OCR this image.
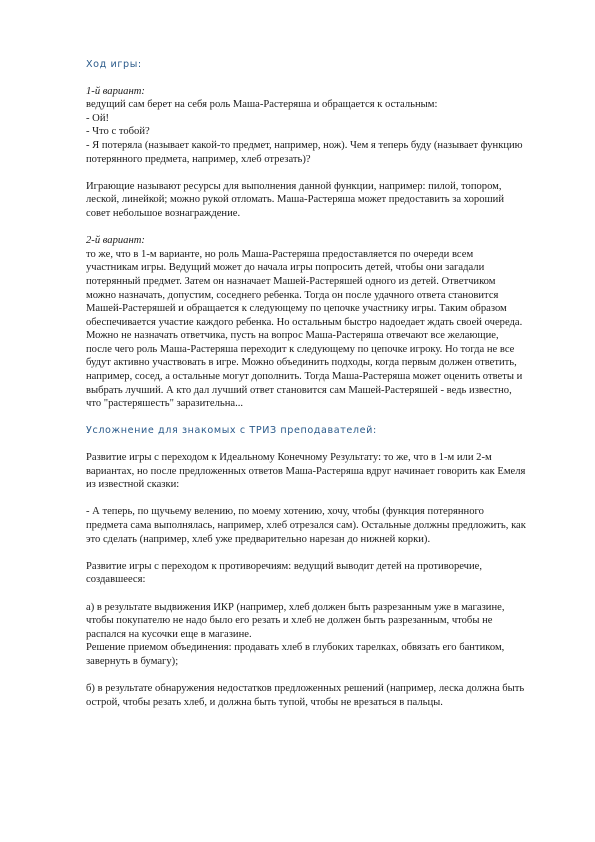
Ход игры:

1-й вариант:

ведущий сам берет на себя роль Маша-Растеряша и обращается к остальным:

- Ой!

- Что с тобой?

- Я потеряла (называет какой-то предмет, например, нож). Чем я теперь буду (называет функцию потерянного предмета, например, хлеб отрезать)?

Играющие называют ресурсы для выполнения данной функции, например: пилой, топором, леской, линейкой; можно рукой отломать. Маша-Растеряша может предоставить за хороший совет небольшое вознаграждение.

2-й вариант:

то же, что в 1-м варианте, но роль Маша-Растеряша предоставляется по очереди всем участникам игры. Ведущий может до начала игры попросить детей, чтобы они загадали потерянный предмет. Затем он назначает Машей-Растеряшей одного из детей. Ответчиком можно назначать, допустим, соседнего ребенка. Тогда он после удачного ответа становится Машей-Растеряшей и обращается к следующему по цепочке участнику игры. Таким образом обеспечивается участие каждого ребенка. Но остальным быстро надоедает ждать своей очереда.

Можно не назначать ответчика, пусть на вопрос Маша-Растеряша отвечают все желающие, после чего роль Маша-Растеряша переходит к следующему по цепочке игроку. Но тогда не все будут активно участвовать в игре. Можно объединить подходы, когда первым должен ответить, например, сосед, а остальные могут дополнить. Тогда Маша-Растеряша может оценить ответы и выбрать лучший. А кто дал лучший ответ становится сам Машей-Растеряшей - ведь известно, что "растеряшесть" заразительна...

Усложнение для знакомых с ТРИЗ преподавателей:

Развитие игры с переходом к Идеальному Конечному Результату: то же, что в 1-м или 2-м вариантах, но после предложенных ответов Маша-Растеряша вдруг начинает говорить как Емеля из известной сказки:

- А теперь, по щучьему велению, по моему хотению, хочу, чтобы (функция потерянного предмета сама выполнялась, например, хлеб отрезался сам). Остальные должны предложить, как это сделать (например, хлеб уже предварительно нарезан до нижней корки).

Развитие игры с переходом к противоречиям: ведущий выводит детей на противоречие, создавшееся:

а) в результате выдвижения ИКР (например, хлеб должен быть разрезанным уже в магазине, чтобы покупателю не надо было его резать и хлеб не должен быть разрезанным, чтобы не распался на кусочки еще в магазине.

Решение приемом объединения: продавать хлеб в глубоких тарелках, обвязать его бантиком, завернуть в бумагу);

б) в результате обнаружения недостатков предложенных решений (например, леска должна быть острой, чтобы резать хлеб, и должна быть тупой, чтобы не врезаться в пальцы.
